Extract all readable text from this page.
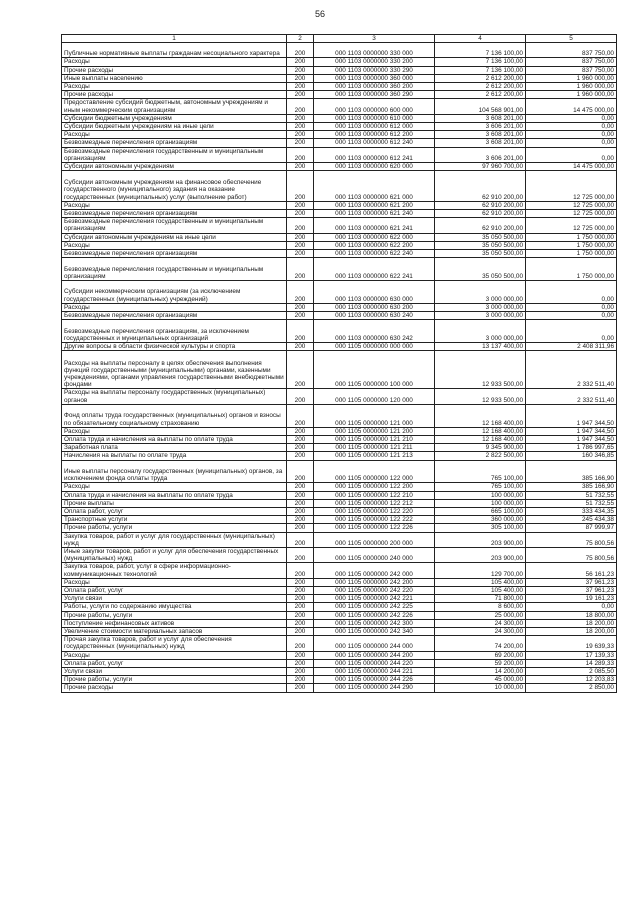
56
1	2	3	4	5
Публичные нормативные выплаты гражданам несоциального характера	200	000 1103 0000000 330 000	7 136 100,00	837 750,00
Расходы	200	000 1103 0000000 330 200	7 136 100,00	837 750,00
Прочие расходы	200	000 1103 0000000 330 290	7 136 100,00	837 750,00
Иные выплаты населению	200	000 1103 0000000 360 000	2 612 200,00	1 960 000,00
Расходы	200	000 1103 0000000 360 200	2 612 200,00	1 960 000,00
Прочие расходы	200	000 1103 0000000 360 290	2 612 200,00	1 960 000,00
Предоставление субсидий бюджетным, автономным учреждениям и иным некоммерческим организациям	200	000 1103 0000000 600 000	104 568 901,00	14 475 000,00
Субсидии бюджетным учреждениям	200	000 1103 0000000 610 000	3 608 201,00	0,00
Субсидии бюджетным учреждениям на иные цели	200	000 1103 0000000 612 000	3 606 201,00	0,00
Расходы	200	000 1103 0000000 612 200	3 608 201,00	0,00
Безвозмездные перечисления организациям	200	000 1103 0000000 612 240	3 608 201,00	0,00
Безвозмездные перечисления государственным и муниципальным организациям	200	000 1103 0000000 612 241	3 606 201,00	0,00
Субсидии автономным учреждениям	200	000 1103 0000000 620 000	97 960 700,00	14 475 000,00
Субсидии автономным учреждениям на финансовое обеспечение государственного (муниципального) задания на оказание государственных (муниципальных) услуг (выполнение работ)	200	000 1103 0000000 621 000	62 910 200,00	12 725 000,00
Расходы	200	000 1103 0000000 621 200	62 910 200,00	12 725 000,00
Безвозмездные перечисления организациям	200	000 1103 0000000 621 240	62 910 200,00	12 725 000,00
Безвозмездные перечисления государственным и муниципальным организациям	200	000 1103 0000000 621 241	62 910 200,00	12 725 000,00
Субсидии автономным учреждениям на иные цели	200	000 1103 0000000 622 000	35 050 500,00	1 750 000,00
Расходы	200	000 1103 0000000 622 200	35 050 500,00	1 750 000,00
Безвозмездные перечисления организациям	200	000 1103 0000000 622 240	35 050 500,00	1 750 000,00
Безвозмездные перечисления государственным и муниципальным организациям	200	000 1103 0000000 622 241	35 050 500,00	1 750 000,00
Субсидии некоммерческим организациям (за исключением государственных (муниципальных) учреждений)	200	000 1103 0000000 630 000	3 000 000,00	0,00
Расходы	200	000 1103 0000000 630 200	3 000 000,00	0,00
Безвозмездные перечисления организациям	200	000 1103 0000000 630 240	3 000 000,00	0,00
Безвозмездные перечисления организациям, за исключением государственных и муниципальных организаций	200	000 1103 0000000 630 242	3 000 000,00	0,00
Другие вопросы в области физической культуры и спорта	200	000 1105 0000000 000 000	13 137 400,00	2 408 311,96
Расходы на выплаты персоналу в целях обеспечения выполнения функций государственными (муниципальными) органами, казенными учреждениями, органами управления государственными внебюджетными фондами	200	000 1105 0000000 100 000	12 933 500,00	2 332 511,40
Расходы на выплаты персоналу государственных (муниципальных) органов	200	000 1105 0000000 120 000	12 933 500,00	2 332 511,40
Фонд оплаты труда государственных (муниципальных) органов и взносы по обязательному социальному страхованию	200	000 1105 0000000 121 000	12 168 400,00	1 947 344,50
Расходы	200	000 1105 0000000 121 200	12 168 400,00	1 947 344,50
Оплата труда и начисления на выплаты по оплате труда	200	000 1105 0000000 121 210	12 168 400,00	1 947 344,50
Заработная плата	200	000 1105 0000000 121 211	9 345 900,00	1 786 997,65
Начисления на выплаты по оплате труда	200	000 1105 0000000 121 213	2 822 500,00	160 346,85
Иные выплаты персоналу государственных (муниципальных) органов, за исключением фонда оплаты труда	200	000 1105 0000000 122 000	765 100,00	385 166,90
Расходы	200	000 1105 0000000 122 200	765 100,00	385 166,90
Оплата труда и начисления на выплаты по оплате труда	200	000 1105 0000000 122 210	100 000,00	51 732,55
Прочие выплаты	200	000 1105 0000000 122 212	100 000,00	51 732,55
Оплата работ, услуг	200	000 1105 0000000 122 220	665 100,00	333 434,35
Транспортные услуги	200	000 1105 0000000 122 222	360 000,00	245 434,38
Прочие работы, услуги	200	000 1105 0000000 122 226	305 100,00	87 999,97
Закупка товаров, работ и услуг для государственных (муниципальных) нужд	200	000 1105 0000000 200 000	203 900,00	75 800,56
Иные закупки товаров, работ и услуг для обеспечения государственных (муниципальных) нужд	200	000 1105 0000000 240 000	203 900,00	75 800,56
Закупка товаров, работ, услуг в сфере информационно-коммуникационных технологий	200	000 1105 0000000 242 000	129 700,00	56 161,23
Расходы	200	000 1105 0000000 242 200	105 400,00	37 961,23
Оплата работ, услуг	200	000 1105 0000000 242 220	105 400,00	37 961,23
Услуги связи	200	000 1105 0000000 242 221	71 800,00	19 161,23
Работы, услуги по содержанию имущества	200	000 1105 0000000 242 225	8 600,00	0,00
Прочие работы, услуги	200	000 1105 0000000 242 226	25 000,00	18 800,00
Поступление нефинансовых активов	200	000 1105 0000000 242 300	24 300,00	18 200,00
Увеличение стоимости материальных запасов	200	000 1105 0000000 242 340	24 300,00	18 200,00
Прочая закупка товаров, работ и услуг для обеспечения государственных (муниципальных) нужд	200	000 1105 0000000 244 000	74 200,00	19 639,33
Расходы	200	000 1105 0000000 244 200	69 200,00	17 139,33
Оплата работ, услуг	200	000 1105 0000000 244 220	59 200,00	14 289,33
Услуги связи	200	000 1105 0000000 244 221	14 200,00	2 085,50
Прочие работы, услуги	200	000 1105 0000000 244 226	45 000,00	12 203,83
Прочие расходы	200	000 1105 0000000 244 290	10 000,00	2 850,00
